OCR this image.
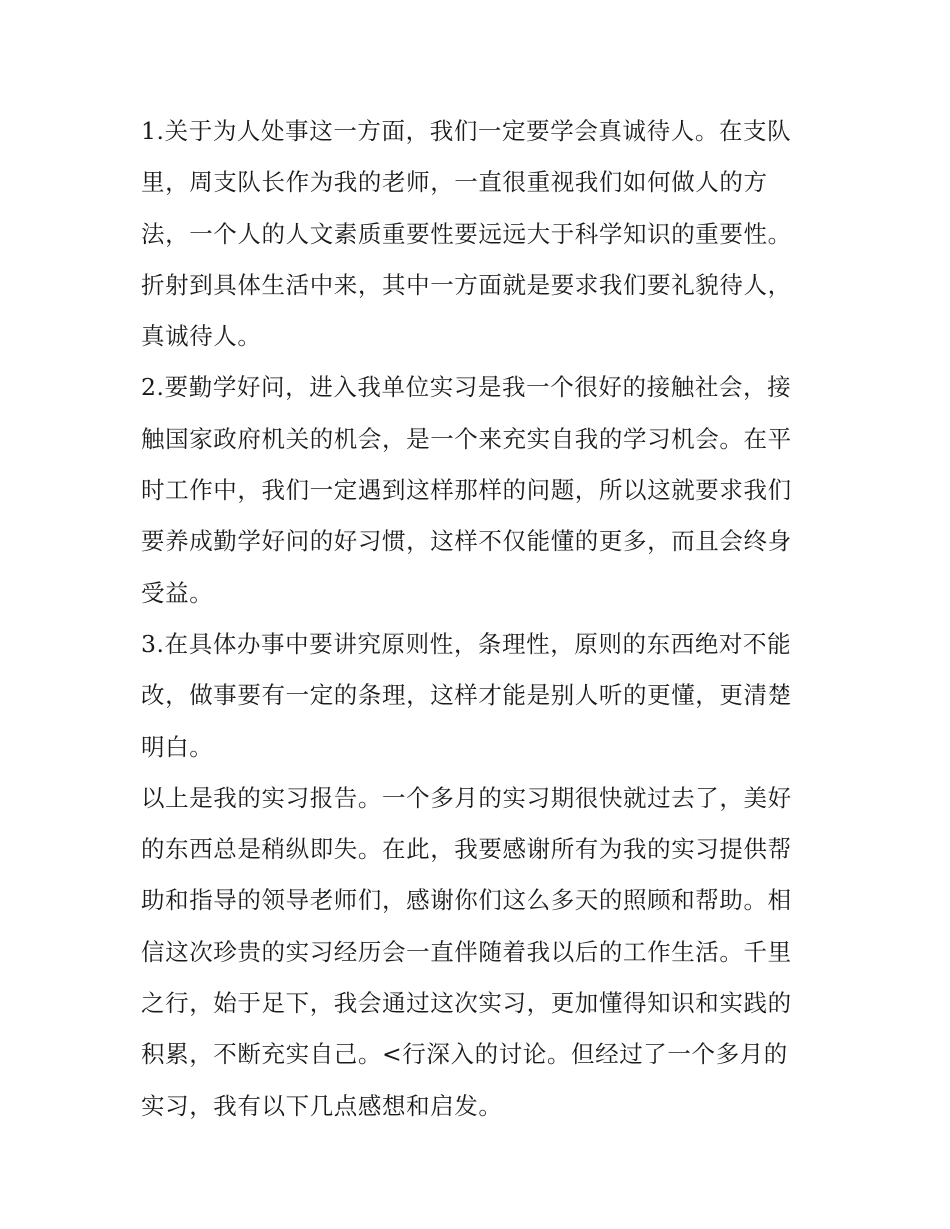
1.关于为人处事这一方面，我们一定要学会真诚待人。在支队
里，周支队长作为我的老师，一直很重视我们如何做人的方
法，一个人的人文素质重要性要远远大于科学知识的重要性。
折射到具体生活中来，其中一方面就是要求我们要礼貌待人，
真诚待人。
2.要勤学好问，进入我单位实习是我一个很好的接触社会，接
触国家政府机关的机会，是一个来充实自我的学习机会。在平
时工作中，我们一定遇到这样那样的问题，所以这就要求我们
要养成勤学好问的好习惯，这样不仅能懂的更多，而且会终身
受益。
3.在具体办事中要讲究原则性，条理性，原则的东西绝对不能
改，做事要有一定的条理，这样才能是别人听的更懂，更清楚
明白。
以上是我的实习报告。一个多月的实习期很快就过去了，美好
的东西总是稍纵即失。在此，我要感谢所有为我的实习提供帮
助和指导的领导老师们，感谢你们这么多天的照顾和帮助。相
信这次珍贵的实习经历会一直伴随着我以后的工作生活。千里
之行，始于足下，我会通过这次实习，更加懂得知识和实践的
积累，不断充实自己。<行深入的讨论。但经过了一个多月的
实习，我有以下几点感想和启发。
